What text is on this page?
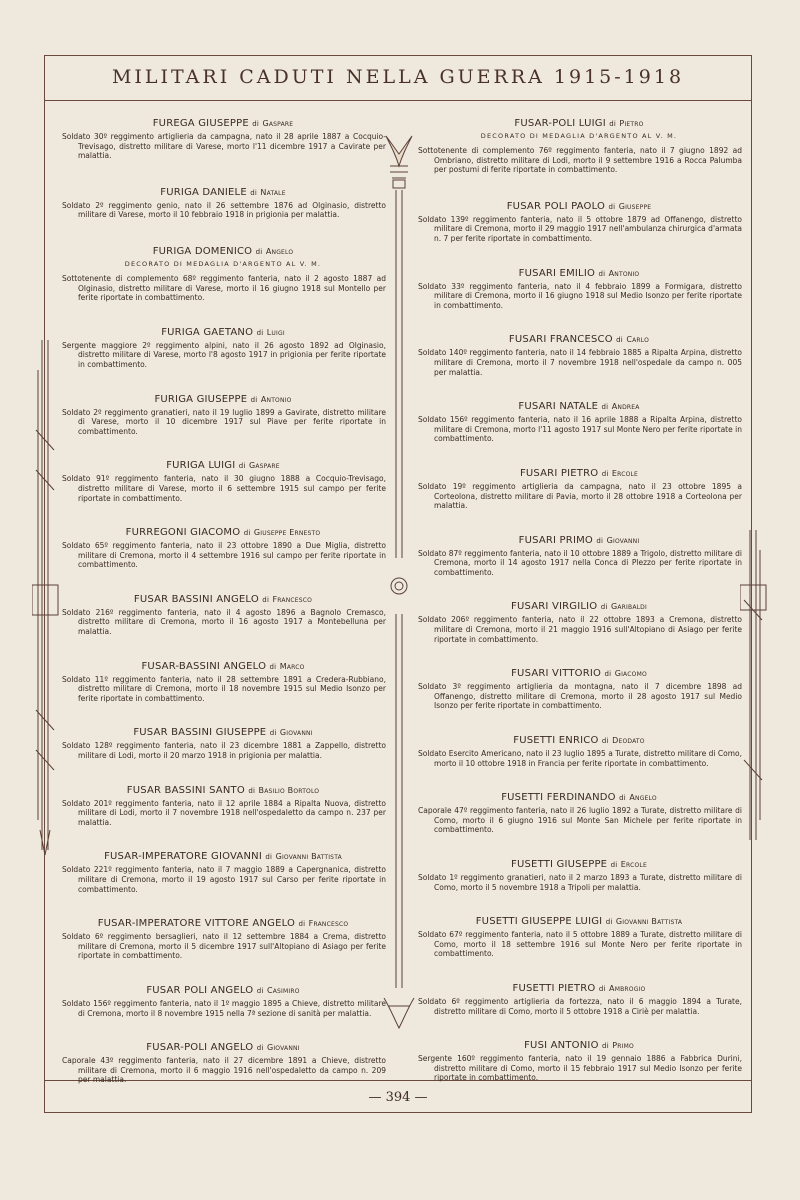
MILITARI CADUTI NELLA GUERRA 1915-1918
FUREGA GIUSEPPE di Gaspare
Soldato 30º reggimento artiglieria da campagna, nato il 28 aprile 1887 a Cocquio-Trevisago, distretto militare di Varese, morto l'11 dicembre 1917 a Cavirate per malattia.
FURIGA DANIELE di Natale
Soldato 2º reggimento genio, nato il 26 settembre 1876 ad Olginasio, distretto militare di Varese, morto il 10 febbraio 1918 in prigionia per malattia.
FURIGA DOMENICO di Angelo
DECORATO DI MEDAGLIA D'ARGENTO AL V. M.
Sottotenente di complemento 68º reggimento fanteria, nato il 2 agosto 1887 ad Olginasio, distretto militare di Varese, morto il 16 giugno 1918 sul Montello per ferite riportate in combattimento.
FURIGA GAETANO di Luigi
Sergente maggiore 2º reggimento alpini, nato il 26 agosto 1892 ad Olginasio, distretto militare di Varese, morto l'8 agosto 1917 in prigionia per ferite riportate in combattimento.
FURIGA GIUSEPPE di Antonio
Soldato 2º reggimento granatieri, nato il 19 luglio 1899 a Gavirate, distretto militare di Varese, morto il 10 dicembre 1917 sul Piave per ferite riportate in combattimento.
FURIGA LUIGI di Gaspare
Soldato 91º reggimento fanteria, nato il 30 giugno 1888 a Cocquio-Trevisago, distretto militare di Varese, morto il 6 settembre 1915 sul campo per ferite riportate in combattimento.
FURREGONI GIACOMO di Giuseppe Ernesto
Soldato 65º reggimento fanteria, nato il 23 ottobre 1890 a Due Miglia, distretto militare di Cremona, morto il 4 settembre 1916 sul campo per ferite riportate in combattimento.
FUSAR BASSINI ANGELO di Francesco
Soldato 216º reggimento fanteria, nato il 4 agosto 1896 a Bagnolo Cremasco, distretto militare di Cremona, morto il 16 agosto 1917 a Montebelluna per malattia.
FUSAR-BASSINI ANGELO di Marco
Soldato 11º reggimento fanteria, nato il 28 settembre 1891 a Credera-Rubbiano, distretto militare di Cremona, morto il 18 novembre 1915 sul Medio Isonzo per ferite riportate in combattimento.
FUSAR BASSINI GIUSEPPE di Giovanni
Soldato 128º reggimento fanteria, nato il 23 dicembre 1881 a Zappello, distretto militare di Lodi, morto il 20 marzo 1918 in prigionia per malattia.
FUSAR BASSINI SANTO di Basilio Bortolo
Soldato 201º reggimento fanteria, nato il 12 aprile 1884 a Ripalta Nuova, distretto militare di Lodi, morto il 7 novembre 1918 nell'ospedaletto da campo n. 237 per malattia.
FUSAR-IMPERATORE GIOVANNI di Giovanni Battista
Soldato 221º reggimento fanteria, nato il 7 maggio 1889 a Capergnanica, distretto militare di Cremona, morto il 19 agosto 1917 sul Carso per ferite riportate in combattimento.
FUSAR-IMPERATORE VITTORE ANGELO di Francesco
Soldato 6º reggimento bersaglieri, nato il 12 settembre 1884 a Crema, distretto militare di Cremona, morto il 5 dicembre 1917 sull'Altopiano di Asiago per ferite riportate in combattimento.
FUSAR POLI ANGELO di Casimiro
Soldato 156º reggimento fanteria, nato il 1º maggio 1895 a Chieve, distretto militare di Cremona, morto il 8 novembre 1915 nella 7ª sezione di sanità per malattia.
FUSAR-POLI ANGELO di Giovanni
Caporale 43º reggimento fanteria, nato il 27 dicembre 1891 a Chieve, distretto militare di Cremona, morto il 6 maggio 1916 nell'ospedaletto da campo n. 209 per malattia.
FUSAR-POLI LUIGI di Pietro
DECORATO DI MEDAGLIA D'ARGENTO AL V. M.
Sottotenente di complemento 76º reggimento fanteria, nato il 7 giugno 1892 ad Ombriano, distretto militare di Lodi, morto il 9 settembre 1916 a Rocca Palumba per postumi di ferite riportate in combattimento.
FUSAR POLI PAOLO di Giuseppe
Soldato 139º reggimento fanteria, nato il 5 ottobre 1879 ad Offanengo, distretto militare di Cremona, morto il 29 maggio 1917 nell'ambulanza chirurgica d'armata n. 7 per ferite riportate in combattimento.
FUSARI EMILIO di Antonio
Soldato 33º reggimento fanteria, nato il 4 febbraio 1899 a Formigara, distretto militare di Cremona, morto il 16 giugno 1918 sul Medio Isonzo per ferite riportate in combattimento.
FUSARI FRANCESCO di Carlo
Soldato 140º reggimento fanteria, nato il 14 febbraio 1885 a Ripalta Arpina, distretto militare di Cremona, morto il 7 novembre 1918 nell'ospedale da campo n. 005 per malattia.
FUSARI NATALE di Andrea
Soldato 156º reggimento fanteria, nato il 16 aprile 1888 a Ripalta Arpina, distretto militare di Cremona, morto l'11 agosto 1917 sul Monte Nero per ferite riportate in combattimento.
FUSARI PIETRO di Ercole
Soldato 19º reggimento artiglieria da campagna, nato il 23 ottobre 1895 a Corteolona, distretto militare di Pavia, morto il 28 ottobre 1918 a Corteolona per malattia.
FUSARI PRIMO di Giovanni
Soldato 87º reggimento fanteria, nato il 10 ottobre 1889 a Trigolo, distretto militare di Cremona, morto il 14 agosto 1917 nella Conca di Plezzo per ferite riportate in combattimento.
FUSARI VIRGILIO di Garibaldi
Soldato 206º reggimento fanteria, nato il 22 ottobre 1893 a Cremona, distretto militare di Cremona, morto il 21 maggio 1916 sull'Altopiano di Asiago per ferite riportate in combattimento.
FUSARI VITTORIO di Giacomo
Soldato 3º reggimento artiglieria da montagna, nato il 7 dicembre 1898 ad Offanengo, distretto militare di Cremona, morto il 28 agosto 1917 sul Medio Isonzo per ferite riportate in combattimento.
FUSETTI ENRICO di Deodato
Soldato Esercito Americano, nato il 23 luglio 1895 a Turate, distretto militare di Como, morto il 10 ottobre 1918 in Francia per ferite riportate in combattimento.
FUSETTI FERDINANDO di Angelo
Caporale 47º reggimento fanteria, nato il 26 luglio 1892 a Turate, distretto militare di Como, morto il 6 giugno 1916 sul Monte San Michele per ferite riportate in combattimento.
FUSETTI GIUSEPPE di Ercole
Soldato 1º reggimento granatieri, nato il 2 marzo 1893 a Turate, distretto militare di Como, morto il 5 novembre 1918 a Tripoli per malattia.
FUSETTI GIUSEPPE LUIGI di Giovanni Battista
Soldato 67º reggimento fanteria, nato il 5 ottobre 1889 a Turate, distretto militare di Como, morto il 18 settembre 1916 sul Monte Nero per ferite riportate in combattimento.
FUSETTI PIETRO di Ambrogio
Soldato 6º reggimento artiglieria da fortezza, nato il 6 maggio 1894 a Turate, distretto militare di Como, morto il 5 ottobre 1918 a Ciriè per malattia.
FUSI ANTONIO di Primo
Sergente 160º reggimento fanteria, nato il 19 gennaio 1886 a Fabbrica Durini, distretto militare di Como, morto il 15 febbraio 1917 sul Medio Isonzo per ferite riportate in combattimento.
— 394 —
